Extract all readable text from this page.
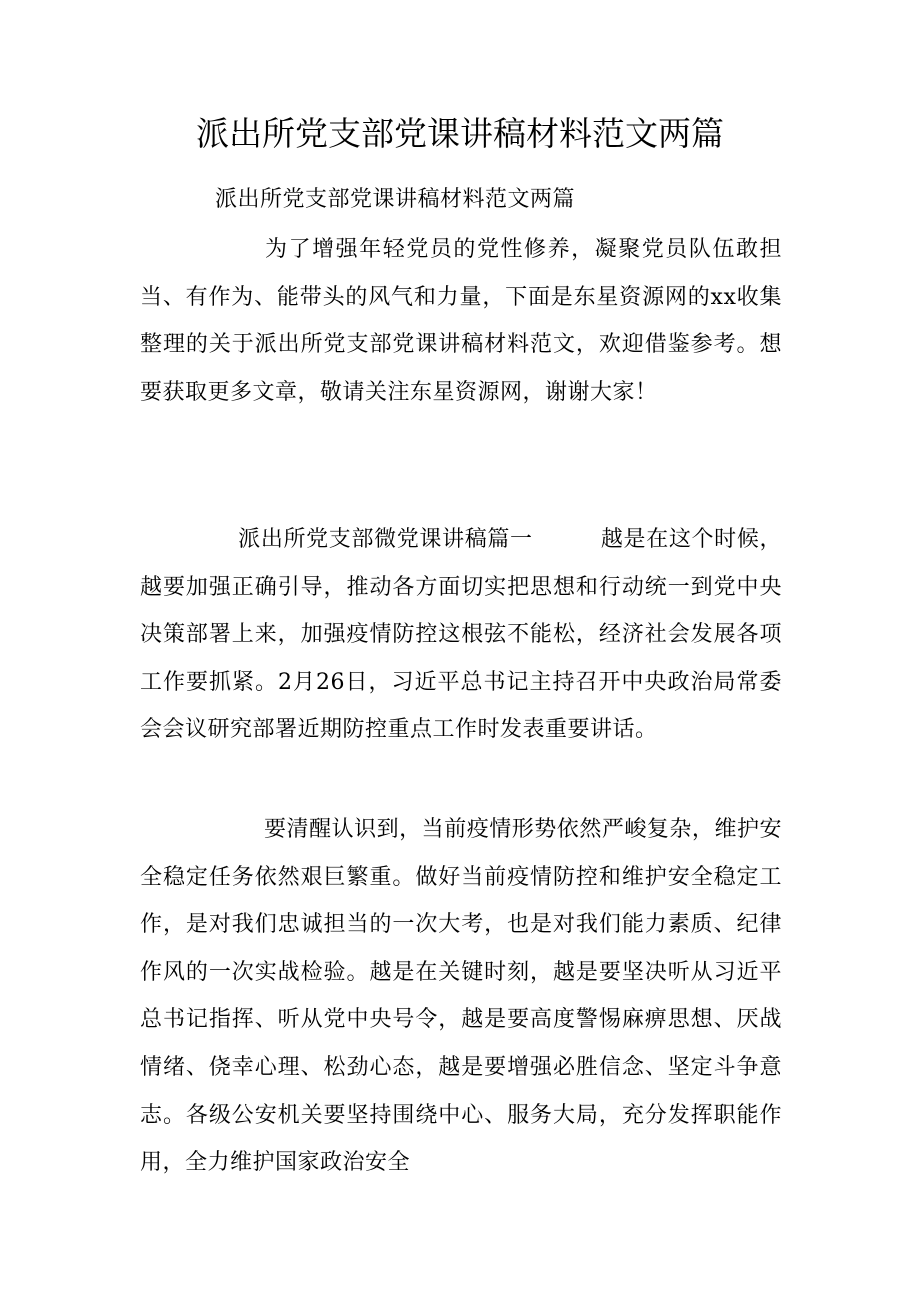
派出所党支部党课讲稿材料范文两篇

派出所党支部党课讲稿材料范文两篇

为了增强年轻党员的党性修养，凝聚党员队伍敢担当、有作为、能带头的风气和力量，下面是东星资源网的xx收集整理的关于派出所党支部党课讲稿材料范文，欢迎借鉴参考。想要获取更多文章，敬请关注东星资源网，谢谢大家！

派出所党支部微党课讲稿篇一	越是在这个时候，越要加强正确引导，推动各方面切实把思想和行动统一到党中央决策部署上来，加强疫情防控这根弦不能松，经济社会发展各项工作要抓紧。2月26日，习近平总书记主持召开中央政治局常委会会议研究部署近期防控重点工作时发表重要讲话。

要清醒认识到，当前疫情形势依然严峻复杂，维护安全稳定任务依然艰巨繁重。做好当前疫情防控和维护安全稳定工作，是对我们忠诚担当的一次大考，也是对我们能力素质、纪律作风的一次实战检验。越是在关键时刻，越是要坚决听从习近平总书记指挥、听从党中央号令，越是要高度警惕麻痹思想、厌战情绪、侥幸心理、松劲心态，越是要增强必胜信念、坚定斗争意志。各级公安机关要坚持围绕中心、服务大局，充分发挥职能作用，全力维护国家政治安全
